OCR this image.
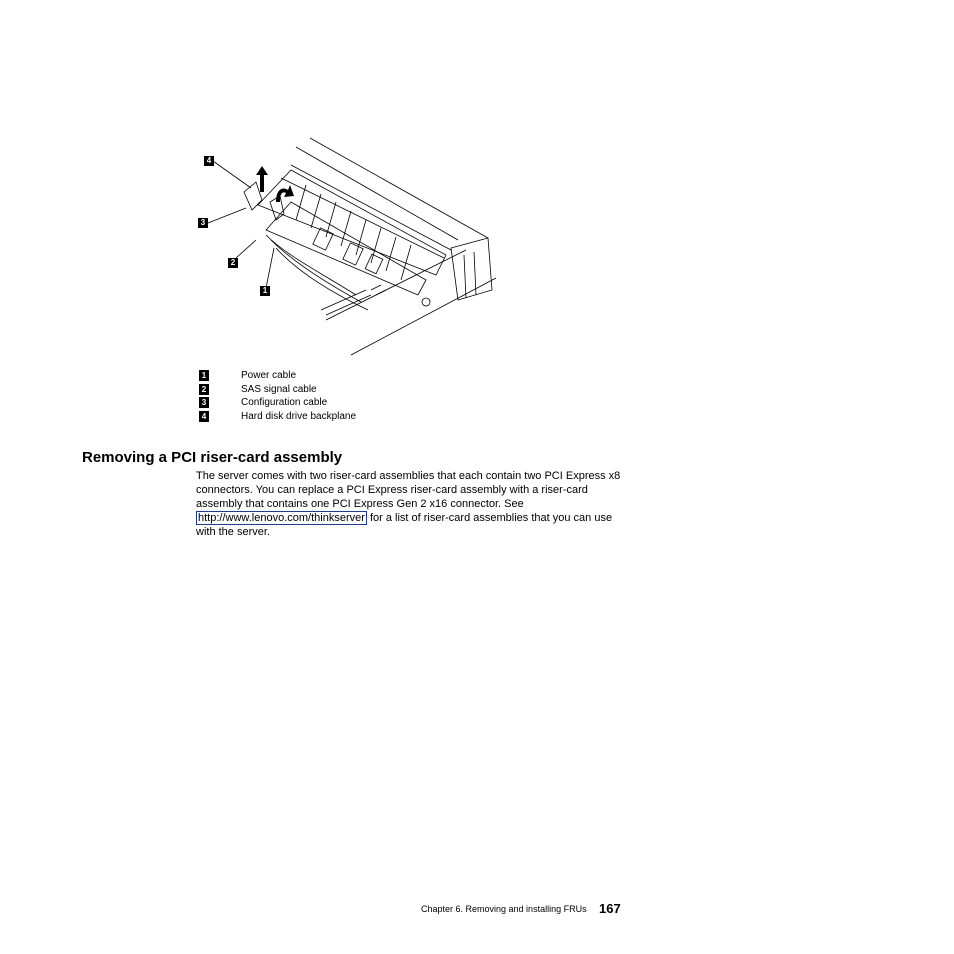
4
3
2
1
1	Power cable
2	SAS signal cable
3	Configuration cable
4	Hard disk drive backplane
Removing a PCI riser-card assembly

The server comes with two riser-card assemblies that each contain two PCI Express x8 connectors. You can replace a PCI Express riser-card assembly with a riser-card assembly that contains one PCI Express Gen 2 x16 connector. See http://www.lenovo.com/thinkserver for a list of riser-card assemblies that you can use with the server.

Chapter 6. Removing and installing FRUs 167
